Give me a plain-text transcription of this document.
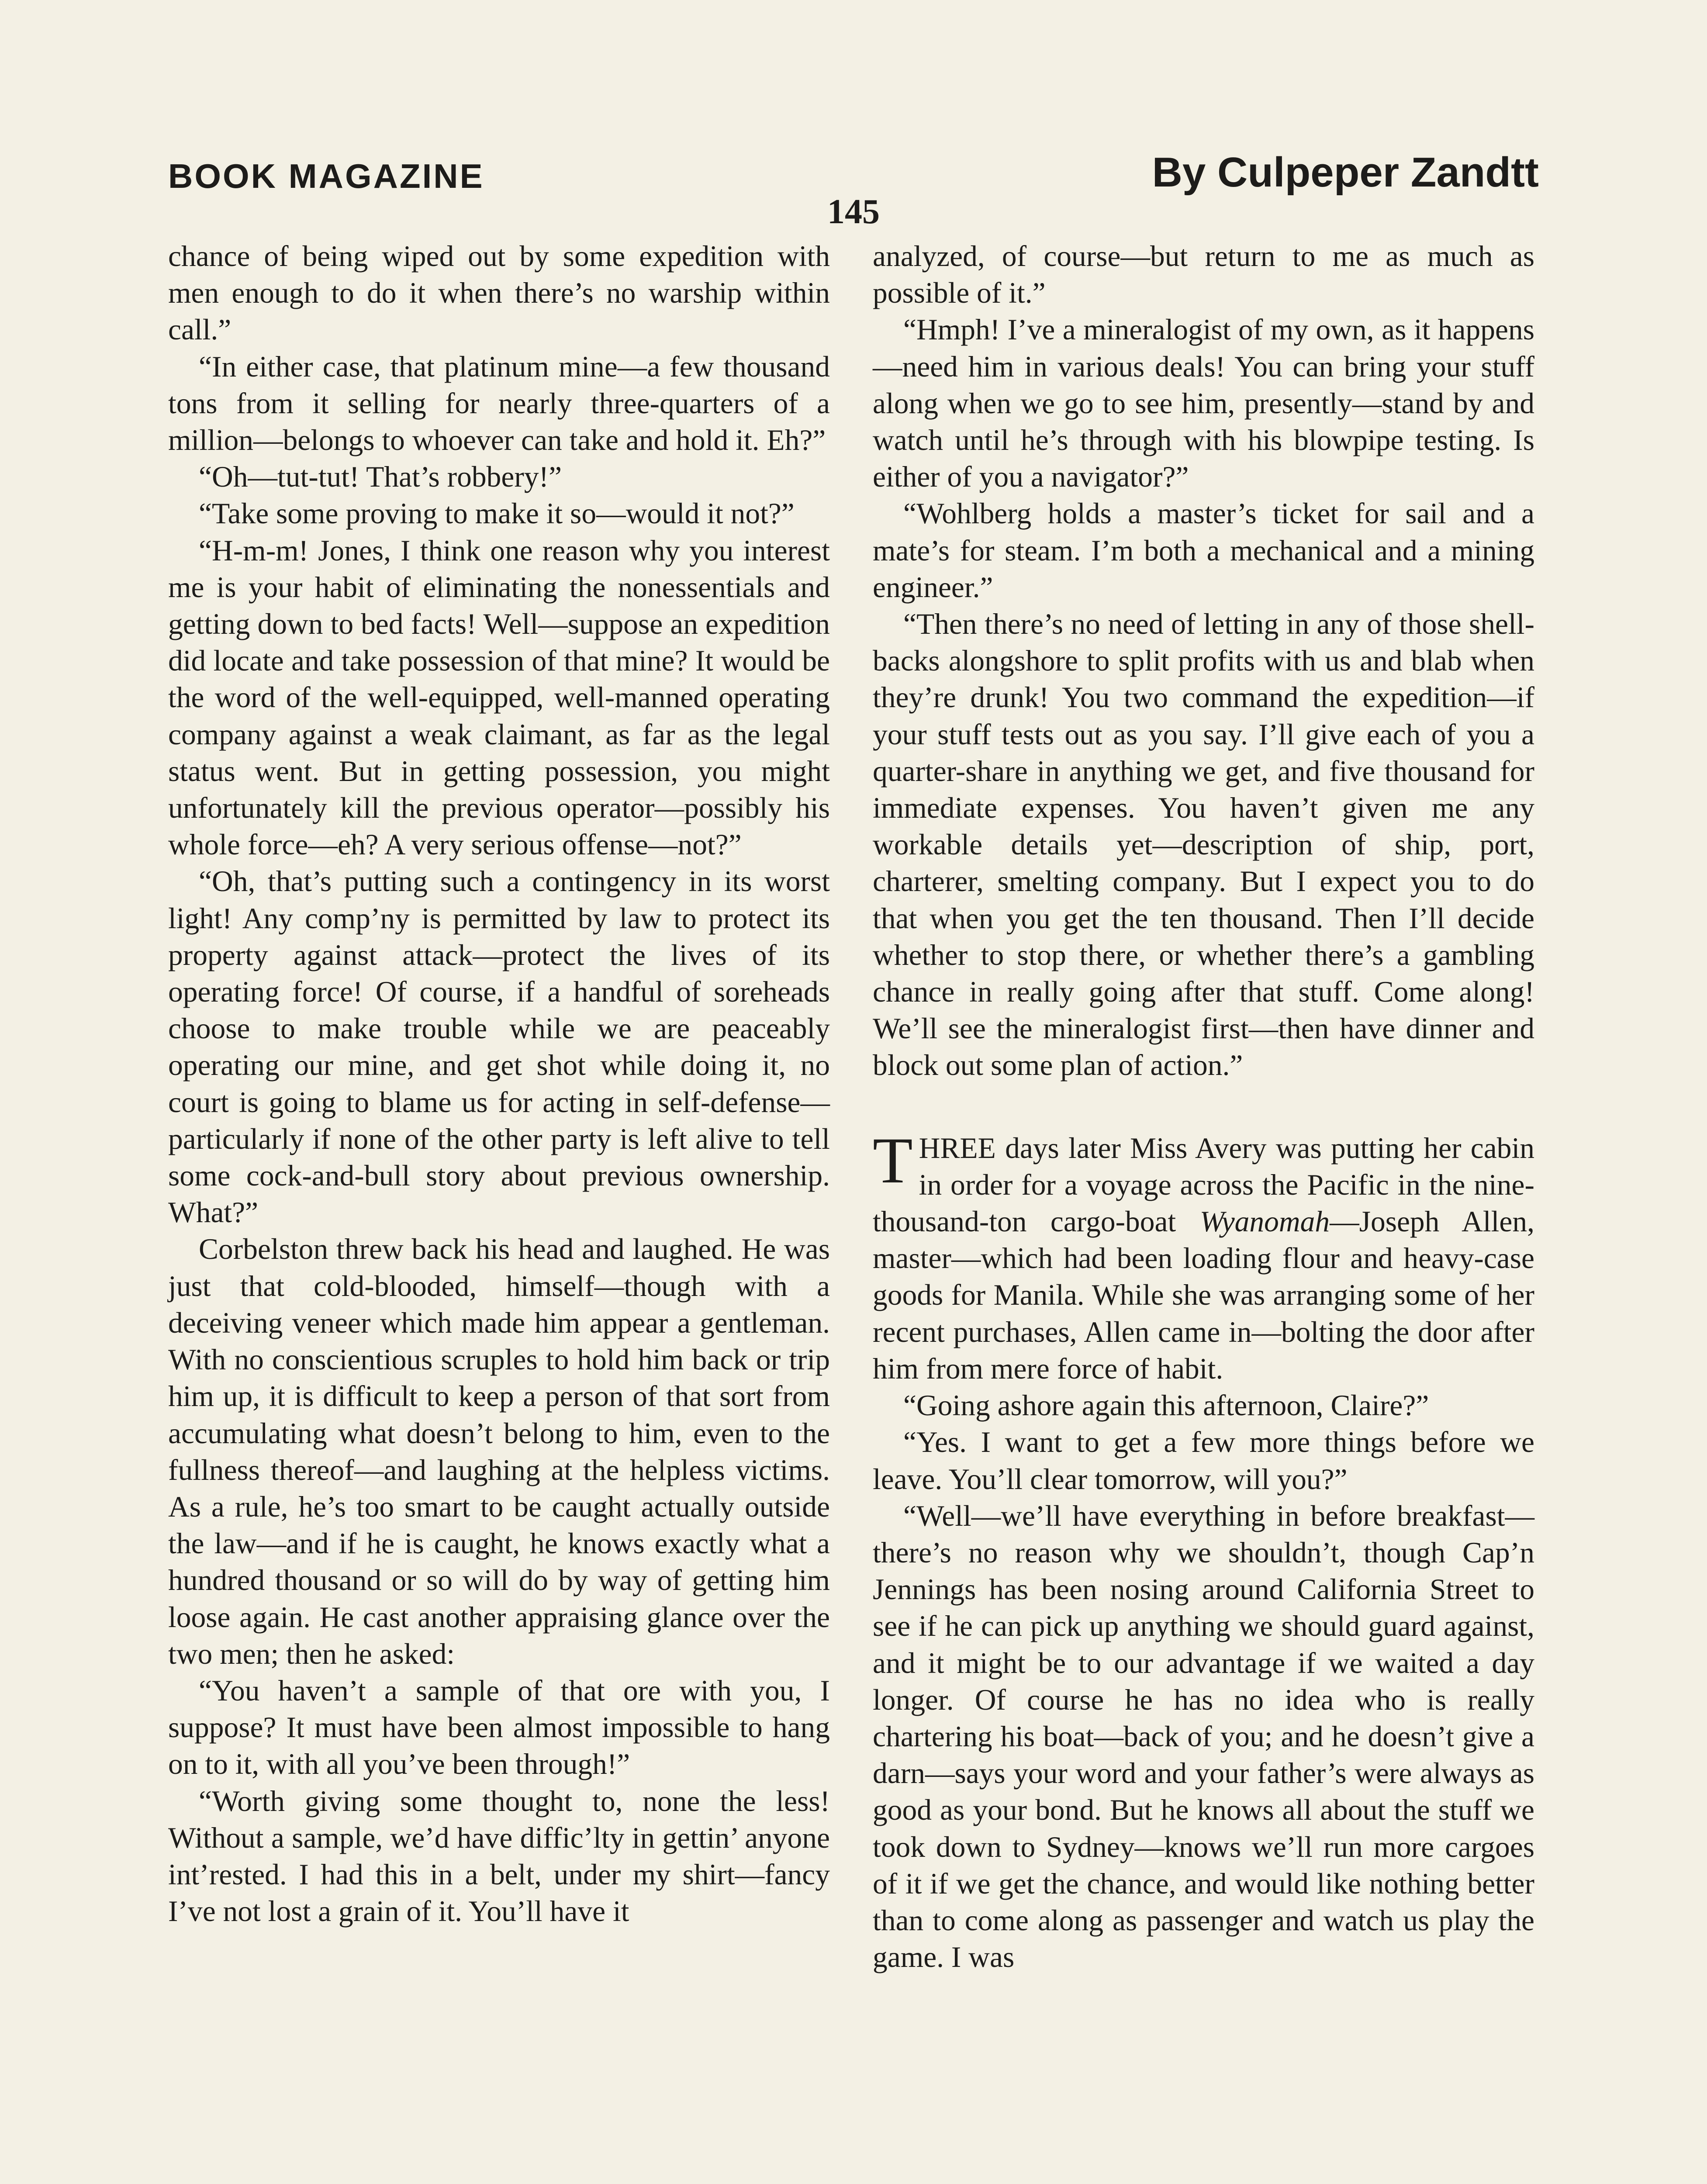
BOOK MAGAZINE	By Culpeper Zandtt
145

chance of being wiped out by some expedition with men enough to do it when there’s no warship within call.”

“In either case, that platinum mine—a few thousand tons from it selling for nearly three-quarters of a million—belongs to whoever can take and hold it. Eh?”

“Oh—tut-tut! That’s robbery!”

“Take some proving to make it so—would it not?”

“H-m-m! Jones, I think one reason why you interest me is your habit of eliminating the nonessentials and getting down to bed facts! Well—suppose an expedition did locate and take possession of that mine? It would be the word of the well-equipped, well-manned operating company against a weak claimant, as far as the legal status went. But in getting possession, you might unfortunately kill the previous operator—possibly his whole force—eh? A very serious offense—not?”

“Oh, that’s putting such a contingency in its worst light! Any comp’ny is permitted by law to protect its property against attack—protect the lives of its operating force! Of course, if a handful of soreheads choose to make trouble while we are peaceably operating our mine, and get shot while doing it, no court is going to blame us for acting in self-defense—particularly if none of the other party is left alive to tell some cock-and-bull story about previous ownership. What?”

Corbelston threw back his head and laughed. He was just that cold-blooded, himself—though with a deceiving veneer which made him appear a gentleman. With no conscientious scruples to hold him back or trip him up, it is difficult to keep a person of that sort from accumulating what doesn’t belong to him, even to the fullness thereof—and laughing at the helpless victims. As a rule, he’s too smart to be caught actually outside the law—and if he is caught, he knows exactly what a hundred thousand or so will do by way of getting him loose again. He cast another appraising glance over the two men; then he asked:

“You haven’t a sample of that ore with you, I suppose? It must have been almost impossible to hang on to it, with all you’ve been through!”

“Worth giving some thought to, none the less! Without a sample, we’d have diffic’lty in gettin’ anyone int’rested. I had this in a belt, under my shirt—fancy I’ve not lost a grain of it. You’ll have it

analyzed, of course—but return to me as much as possible of it.”

“Hmph! I’ve a mineralogist of my own, as it happens—need him in various deals! You can bring your stuff along when we go to see him, presently—stand by and watch until he’s through with his blowpipe testing. Is either of you a navigator?”

“Wohlberg holds a master’s ticket for sail and a mate’s for steam. I’m both a mechanical and a mining engineer.”

“Then there’s no need of letting in any of those shell-backs alongshore to split profits with us and blab when they’re drunk! You two command the expedition—if your stuff tests out as you say. I’ll give each of you a quarter-share in anything we get, and five thousand for immediate expenses. You haven’t given me any workable details yet—description of ship, port, charterer, smelting company. But I expect you to do that when you get the ten thousand. Then I’ll decide whether to stop there, or whether there’s a gambling chance in really going after that stuff. Come along! We’ll see the mineralogist first—then have dinner and block out some plan of action.”

THREE days later Miss Avery was putting her cabin in order for a voyage across the Pacific in the nine-thousand-ton cargo-boat Wyanomah—Joseph Allen, master—which had been loading flour and heavy-case goods for Manila. While she was arranging some of her recent purchases, Allen came in—bolting the door after him from mere force of habit.

“Going ashore again this afternoon, Claire?”

“Yes. I want to get a few more things before we leave. You’ll clear tomorrow, will you?”

“Well—we’ll have everything in before breakfast—there’s no reason why we shouldn’t, though Cap’n Jennings has been nosing around California Street to see if he can pick up anything we should guard against, and it might be to our advantage if we waited a day longer. Of course he has no idea who is really chartering his boat—back of you; and he doesn’t give a darn—says your word and your father’s were always as good as your bond. But he knows all about the stuff we took down to Sydney—knows we’ll run more cargoes of it if we get the chance, and would like nothing better than to come along as passenger and watch us play the game. I was
